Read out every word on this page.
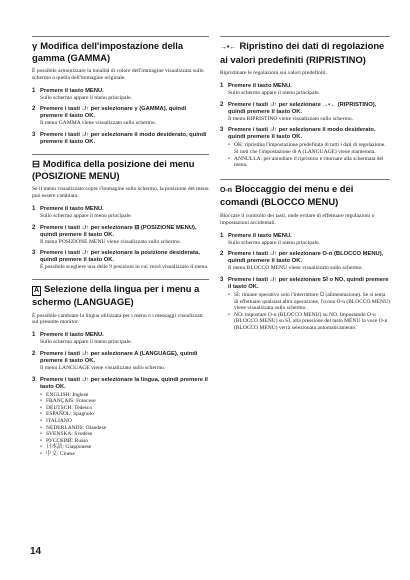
γ Modifica dell'impostazione della gamma (GAMMA)

È possibile armonizzare la tonalità di colore dell'immagine visualizzata sullo schermo a quella dell'immagine originale.

1 Premere il tasto MENU.
Sullo schermo appare il menu principale.
2 Premere i tasti ↓/↑ per selezionare γ (GAMMA), quindi premere il tasto OK.
Il menu GAMMA viene visualizzato sullo schermo.
3 Premere i tasti ↓/↑ per selezionare il modo desiderato, quindi premere il tasto OK.
⊟ Modifica della posizione dei menu (POSIZIONE MENU)

Se il menu visualizzato copre l'immagine sullo schermo, la posizione del menu può essere cambiata.

1 Premere il tasto MENU.
Sullo schermo appare il menu principale.
2 Premere i tasti ↓/↑ per selezionare ⊟ (POSIZIONE MENU), quindi premere il tasto OK.
Il menu POSIZIONE MENU viene visualizzato sullo schermo.
3 Premere i tasti ↓/↑ per selezionare la posizione desiderata, quindi premere il tasto OK.
È possibile scegliere una delle 9 posizioni in cui verrà visualizzato il menu.
A Selezione della lingua per i menu a schermo (LANGUAGE)

È possibile cambiare la lingua utilizzata per i menu o i messaggi visualizzati sul presente monitor.

1 Premere il tasto MENU.
Sullo schermo appare il menu principale.
2 Premere i tasti ↓/↑ per selezionare A (LANGUAGE), quindi premere il tasto OK.
Il menu LANGUAGE viene visualizzato sullo schermo.
3 Premere i tasti ↓/↑ per selezionare la lingua, quindi premere il tasto OK.
• ENGLISH: Inglese
• FRANÇAIS: Francese
• DEUTSCH: Tedesco
• ESPAÑOL: Spagnolo
• ITALIANO
• NEDERLANDS: Olandese
• SVENSKA: Svedese
• РУССКИЙ: Russo
• 日本語: Giapponese
• 中文: Cinese
→•← Ripristino dei dati di regolazione ai valori predefiniti (RIPRISTINO)

Ripristinare le regolazioni sui valori predefiniti.

1 Premere il tasto MENU.
Sullo schermo appare il menu principale.
2 Premere i tasti ↓/↑ per selezionare →•← (RIPRISTINO), quindi premere il tasto OK.
Il menu RIPRISTINO viene visualizzato sullo schermo.
3 Premere i tasti ↓/↑ per selezionare il modo desiderato, quindi premere il tasto OK.
• OK: ripristina l'impostazione predefinita di tutti i dati di regolazione. Si noti che l'impostazione di A (LANGUAGE) viene mantenuta.
• ANNULLA: per annullare il ripristino e ritornare alla schermata del menu.
O‑n Bloccaggio dei menu e dei comandi (BLOCCO MENU)

Bloccare il controllo dei tasti, onde evitare di effettuare regolazioni o impostazioni accidentali.

1 Premere il tasto MENU.
Sullo schermo appare il menu principale.
2 Premere i tasti ↓/↑ per selezionare O‑n (BLOCCO MENU), quindi premere il tasto OK.
Il menu BLOCCO MENU viene visualizzato sullo schermo.
3 Premere i tasti ↓/↑ per selezionare SÌ o NO, quindi premere il tasto OK.
• SÌ: rimane operativo solo l'interruttore ⏻ (alimentazione). Se si tenta di effettuare qualsiasi altra operazione, l'icona O‑n (BLOCCO MENU) viene visualizzata sullo schermo.
• NO: impostare O‑n (BLOCCO MENU) su NO. Impostando O‑n (BLOCCO MENU) su SÌ, alla pressione del tasto MENU la voce O‑n (BLOCCO MENU) verrà selezionata automaticamente.
14
